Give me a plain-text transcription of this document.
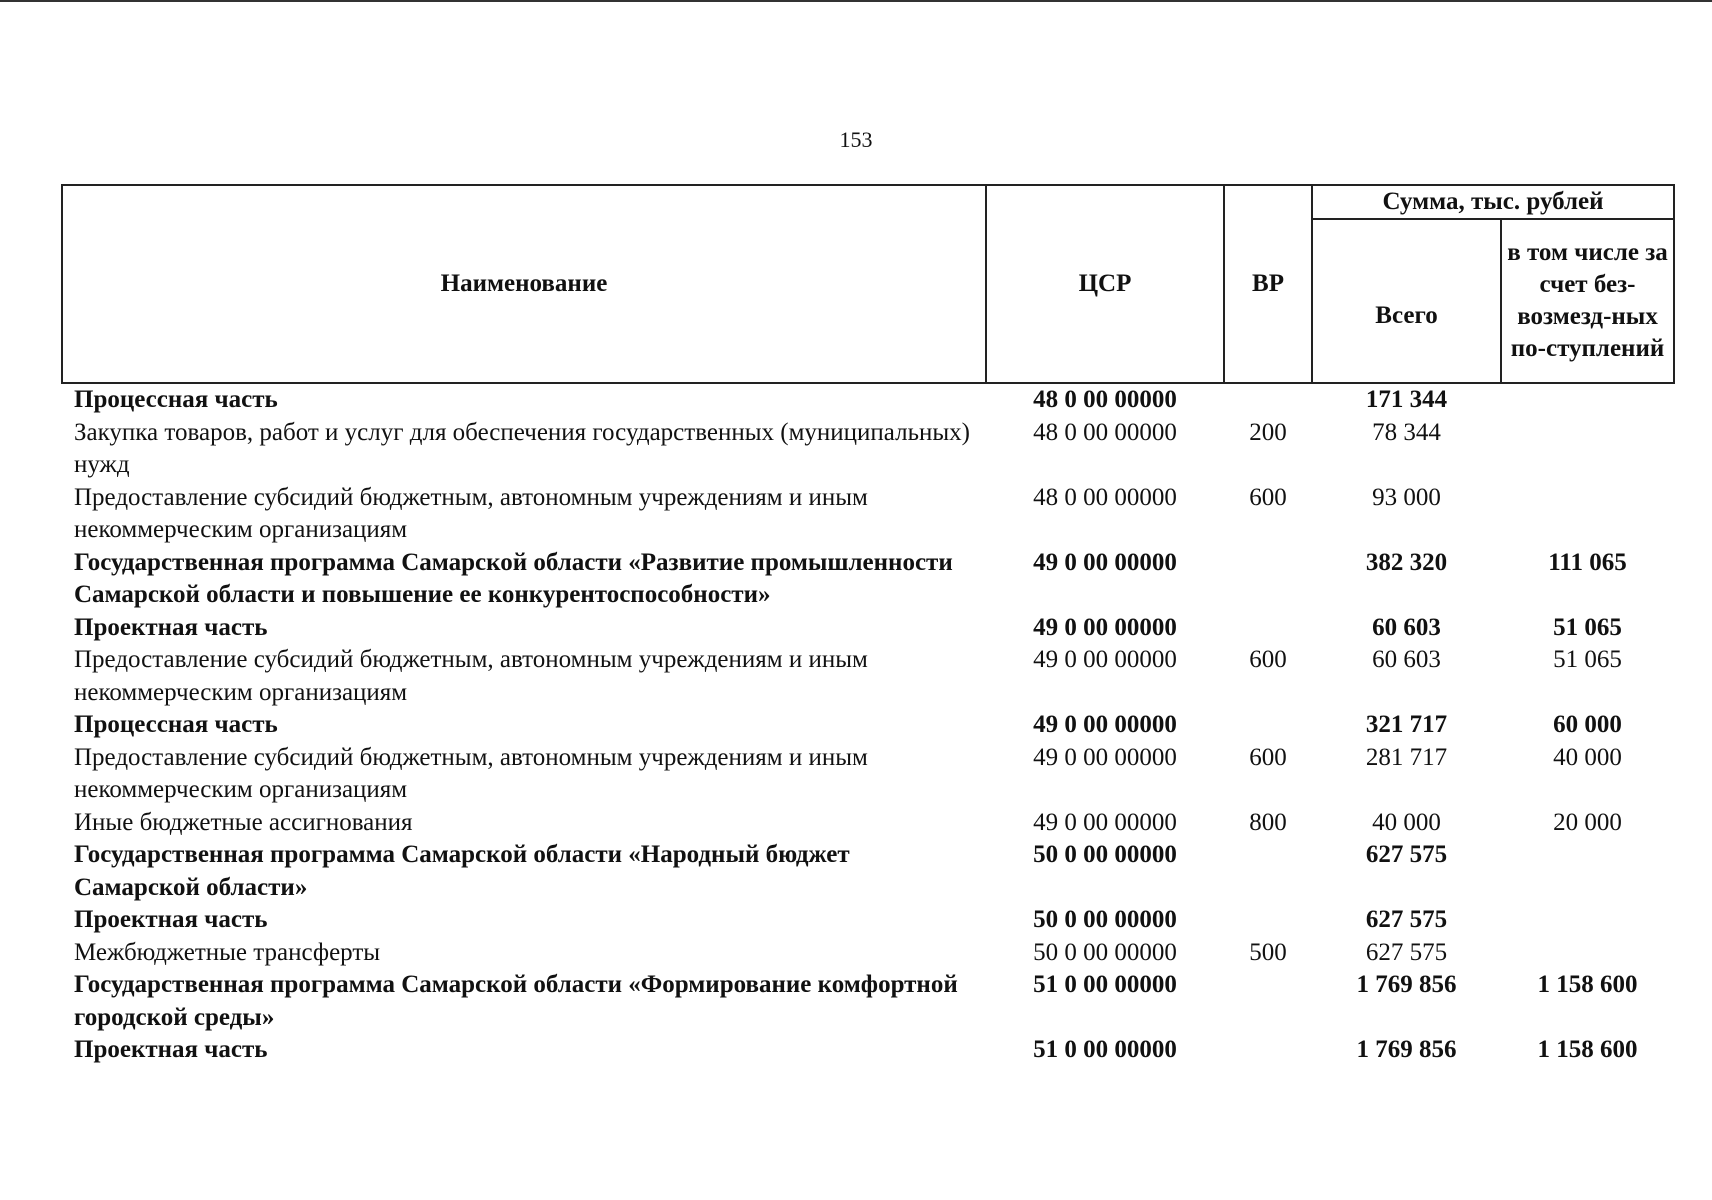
153
Наименование	ЦСР	ВР	Сумма, тыс. рублей	
			Всего	в том числе за счет без-возмезд-ных по-ступлений
Процессная часть	48 0 00 00000		171 344	
Закупка товаров, работ и услуг для обеспечения государственных (муниципальных) нужд	48 0 00 00000	200	78 344	
Предоставление субсидий бюджетным, автономным учреждениям и иным некоммерческим организациям	48 0 00 00000	600	93 000	
Государственная программа Самарской области «Развитие промышленности Самарской области и повышение ее конкурентоспособности»	49 0 00 00000		382 320	111 065
Проектная часть	49 0 00 00000		60 603	51 065
Предоставление субсидий бюджетным, автономным учреждениям и иным некоммерческим организациям	49 0 00 00000	600	60 603	51 065
Процессная часть	49 0 00 00000		321 717	60 000
Предоставление субсидий бюджетным, автономным учреждениям и иным некоммерческим организациям	49 0 00 00000	600	281 717	40 000
Иные бюджетные ассигнования	49 0 00 00000	800	40 000	20 000
Государственная программа Самарской области «Народный бюджет Самарской области»	50 0 00 00000		627 575	
Проектная часть	50 0 00 00000		627 575	
Межбюджетные трансферты	50 0 00 00000	500	627 575	
Государственная программа Самарской области «Формирование комфортной городской среды»	51 0 00 00000		1 769 856	1 158 600
Проектная часть	51 0 00 00000		1 769 856	1 158 600
